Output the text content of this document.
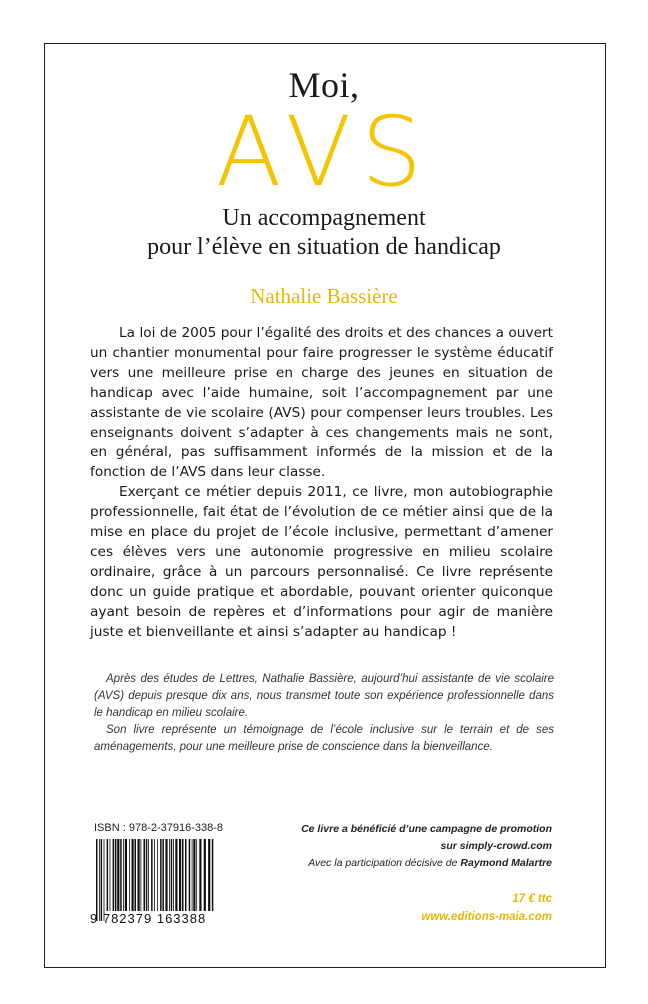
Moi,
AVS
Un accompagnement
pour l’élève en situation de handicap
Nathalie Bassière

La loi de 2005 pour l’égalité des droits et des chances a ouvert un chantier monumental pour faire progresser le système éducatif vers une meilleure prise en charge des jeunes en situation de handicap avec l’aide humaine, soit l’accompagnement par une assistante de vie scolaire (AVS) pour compenser leurs troubles. Les enseignants doivent s’adapter à ces changements mais ne sont, en général, pas suffisamment informés de la mission et de la fonction de l’AVS dans leur classe.

Exerçant ce métier depuis 2011, ce livre, mon autobiographie professionnelle, fait état de l’évolution de ce métier ainsi que de la mise en place du projet de l’école inclusive, permettant d’amener ces élèves vers une autonomie progressive en milieu scolaire ordinaire, grâce à un parcours personnalisé. Ce livre représente donc un guide pratique et abordable, pouvant orienter quiconque ayant besoin de repères et d’informations pour agir de manière juste et bienveillante et ainsi s’adapter au handicap !

Après des études de Lettres, Nathalie Bassière, aujourd’hui assistante de vie scolaire (AVS) depuis presque dix ans, nous transmet toute son expérience professionnelle dans le handicap en milieu scolaire.

Son livre représente un témoignage de l’école inclusive sur le terrain et de ses aménagements, pour une meilleure prise de conscience dans la bienveillance.

ISBN : 978-2-37916-338-8
9 782379 163388
Ce livre a bénéficié d’une campagne de promotion
sur simply-crowd.com
Avec la participation décisive de Raymond Malartre
17 € ttc
www.editions-maia.com
